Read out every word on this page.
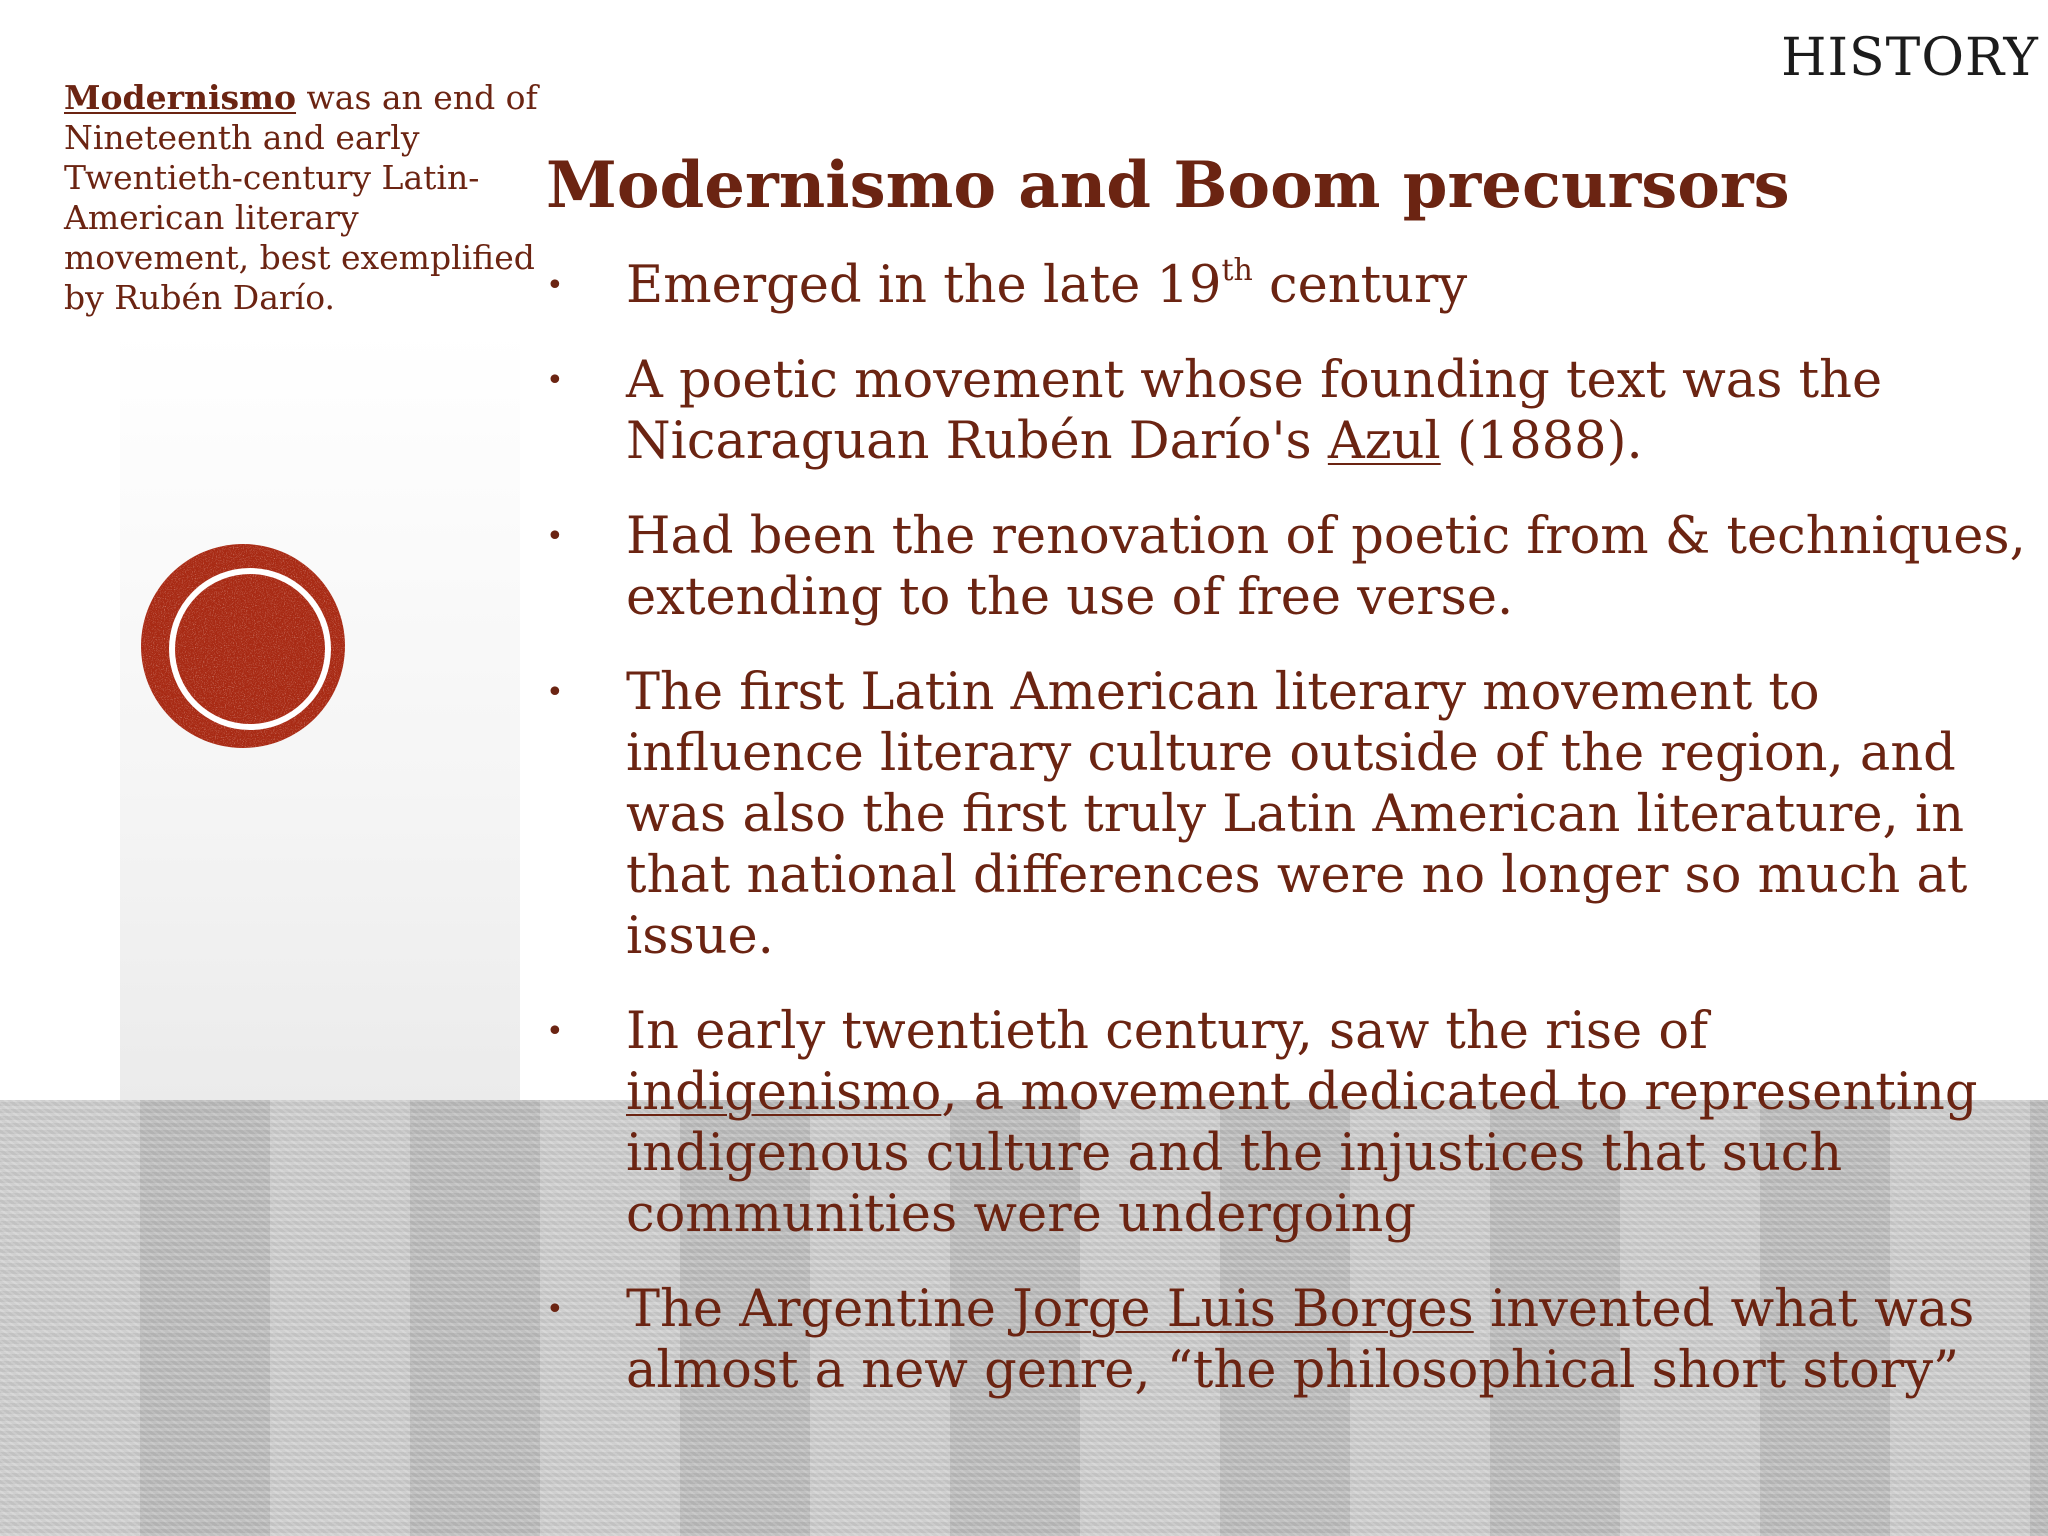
Modernismo was an end of Nineteenth and early Twentieth-century Latin-American literary movement, best exemplified by Rubén Darío.
HISTORY
Modernismo and Boom precursors
• Emerged in the late 19th century
• A poetic movement whose founding text was the Nicaraguan Rubén Darío's Azul (1888).
• Had been the renovation of poetic from & techniques, extending to the use of free verse.
• The first Latin American literary movement to influence literary culture outside of the region, and was also the first truly Latin American literature, in that national differences were no longer so much at issue.
• In early twentieth century, saw the rise of indigenismo, a movement dedicated to representing indigenous culture and the injustices that such communities were undergoing
• The Argentine Jorge Luis Borges invented what was almost a new genre, “the philosophical short story”
